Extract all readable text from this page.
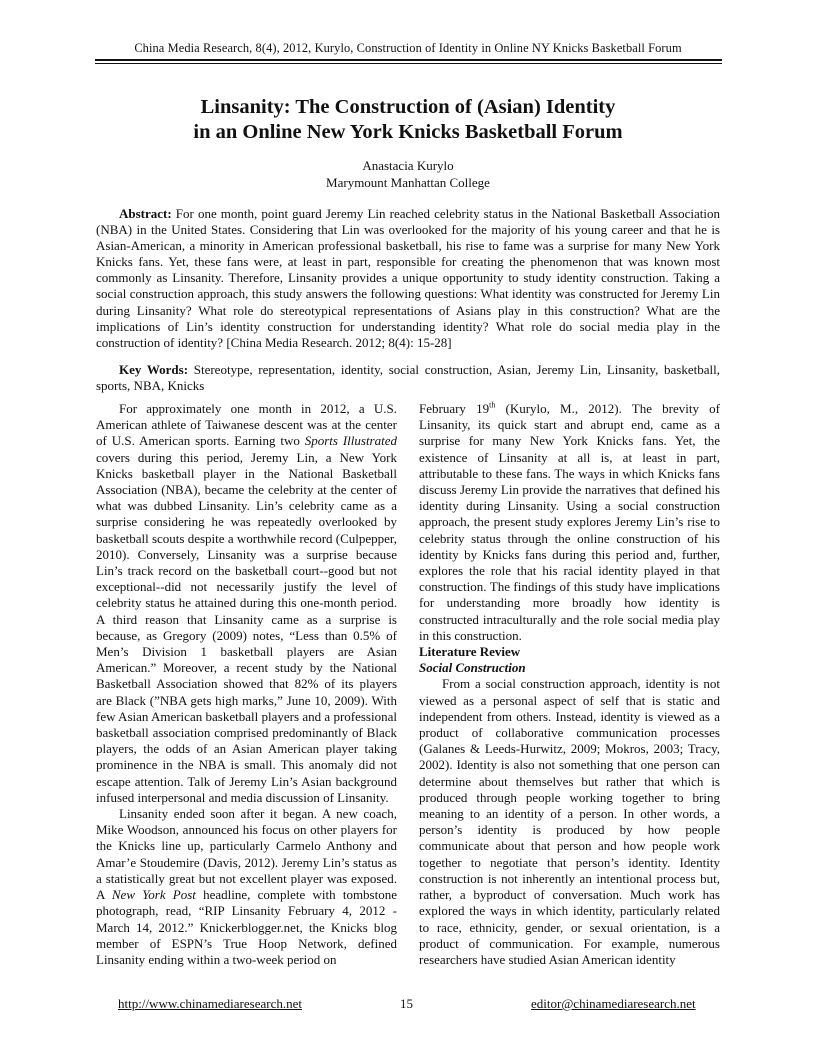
China Media Research, 8(4), 2012, Kurylo, Construction of Identity in Online NY Knicks Basketball Forum
Linsanity: The Construction of (Asian) Identity
in an Online New York Knicks Basketball Forum
Anastacia Kurylo
Marymount Manhattan College
Abstract: For one month, point guard Jeremy Lin reached celebrity status in the National Basketball Association (NBA) in the United States. Considering that Lin was overlooked for the majority of his young career and that he is Asian-American, a minority in American professional basketball, his rise to fame was a surprise for many New York Knicks fans. Yet, these fans were, at least in part, responsible for creating the phenomenon that was known most commonly as Linsanity. Therefore, Linsanity provides a unique opportunity to study identity construction. Taking a social construction approach, this study answers the following questions: What identity was constructed for Jeremy Lin during Linsanity? What role do stereotypical representations of Asians play in this construction? What are the implications of Lin’s identity construction for understanding identity? What role do social media play in the construction of identity? [China Media Research. 2012; 8(4): 15-28]
Key Words: Stereotype, representation, identity, social construction, Asian, Jeremy Lin, Linsanity, basketball, sports, NBA, Knicks

For approximately one month in 2012, a U.S. American athlete of Taiwanese descent was at the center of U.S. American sports. Earning two Sports Illustrated covers during this period, Jeremy Lin, a New York Knicks basketball player in the National Basketball Association (NBA), became the celebrity at the center of what was dubbed Linsanity. Lin’s celebrity came as a surprise considering he was repeatedly overlooked by basketball scouts despite a worthwhile record (Culpepper, 2010). Conversely, Linsanity was a surprise because Lin’s track record on the basketball court--good but not exceptional--did not necessarily justify the level of celebrity status he attained during this one-month period. A third reason that Linsanity came as a surprise is because, as Gregory (2009) notes, “Less than 0.5% of Men’s Division 1 basketball players are Asian American.” Moreover, a recent study by the National Basketball Association showed that 82% of its players are Black (”NBA gets high marks,” June 10, 2009). With few Asian American basketball players and a professional basketball association comprised predominantly of Black players, the odds of an Asian American player taking prominence in the NBA is small. This anomaly did not escape attention. Talk of Jeremy Lin’s Asian background infused interpersonal and media discussion of Linsanity.

Linsanity ended soon after it began. A new coach, Mike Woodson, announced his focus on other players for the Knicks line up, particularly Carmelo Anthony and Amar’e Stoudemire (Davis, 2012). Jeremy Lin’s status as a statistically great but not excellent player was exposed. A New York Post headline, complete with tombstone photograph, read, “RIP Linsanity February 4, 2012 - March 14, 2012.” Knickerblogger.net, the Knicks blog member of ESPN’s True Hoop Network, defined Linsanity ending within a two-week period on

February 19th (Kurylo, M., 2012). The brevity of Linsanity, its quick start and abrupt end, came as a surprise for many New York Knicks fans. Yet, the existence of Linsanity at all is, at least in part, attributable to these fans. The ways in which Knicks fans discuss Jeremy Lin provide the narratives that defined his identity during Linsanity. Using a social construction approach, the present study explores Jeremy Lin’s rise to celebrity status through the online construction of his identity by Knicks fans during this period and, further, explores the role that his racial identity played in that construction. The findings of this study have implications for understanding more broadly how identity is constructed intraculturally and the role social media play in this construction.

Literature Review

Social Construction

From a social construction approach, identity is not viewed as a personal aspect of self that is static and independent from others. Instead, identity is viewed as a product of collaborative communication processes (Galanes & Leeds-Hurwitz, 2009; Mokros, 2003; Tracy, 2002). Identity is also not something that one person can determine about themselves but rather that which is produced through people working together to bring meaning to an identity of a person. In other words, a person’s identity is produced by how people communicate about that person and how people work together to negotiate that person’s identity. Identity construction is not inherently an intentional process but, rather, a byproduct of conversation. Much work has explored the ways in which identity, particularly related to race, ethnicity, gender, or sexual orientation, is a product of communication. For example, numerous researchers have studied Asian American identity

http://www.chinamediaresearch.net	15	editor@chinamediaresearch.net
